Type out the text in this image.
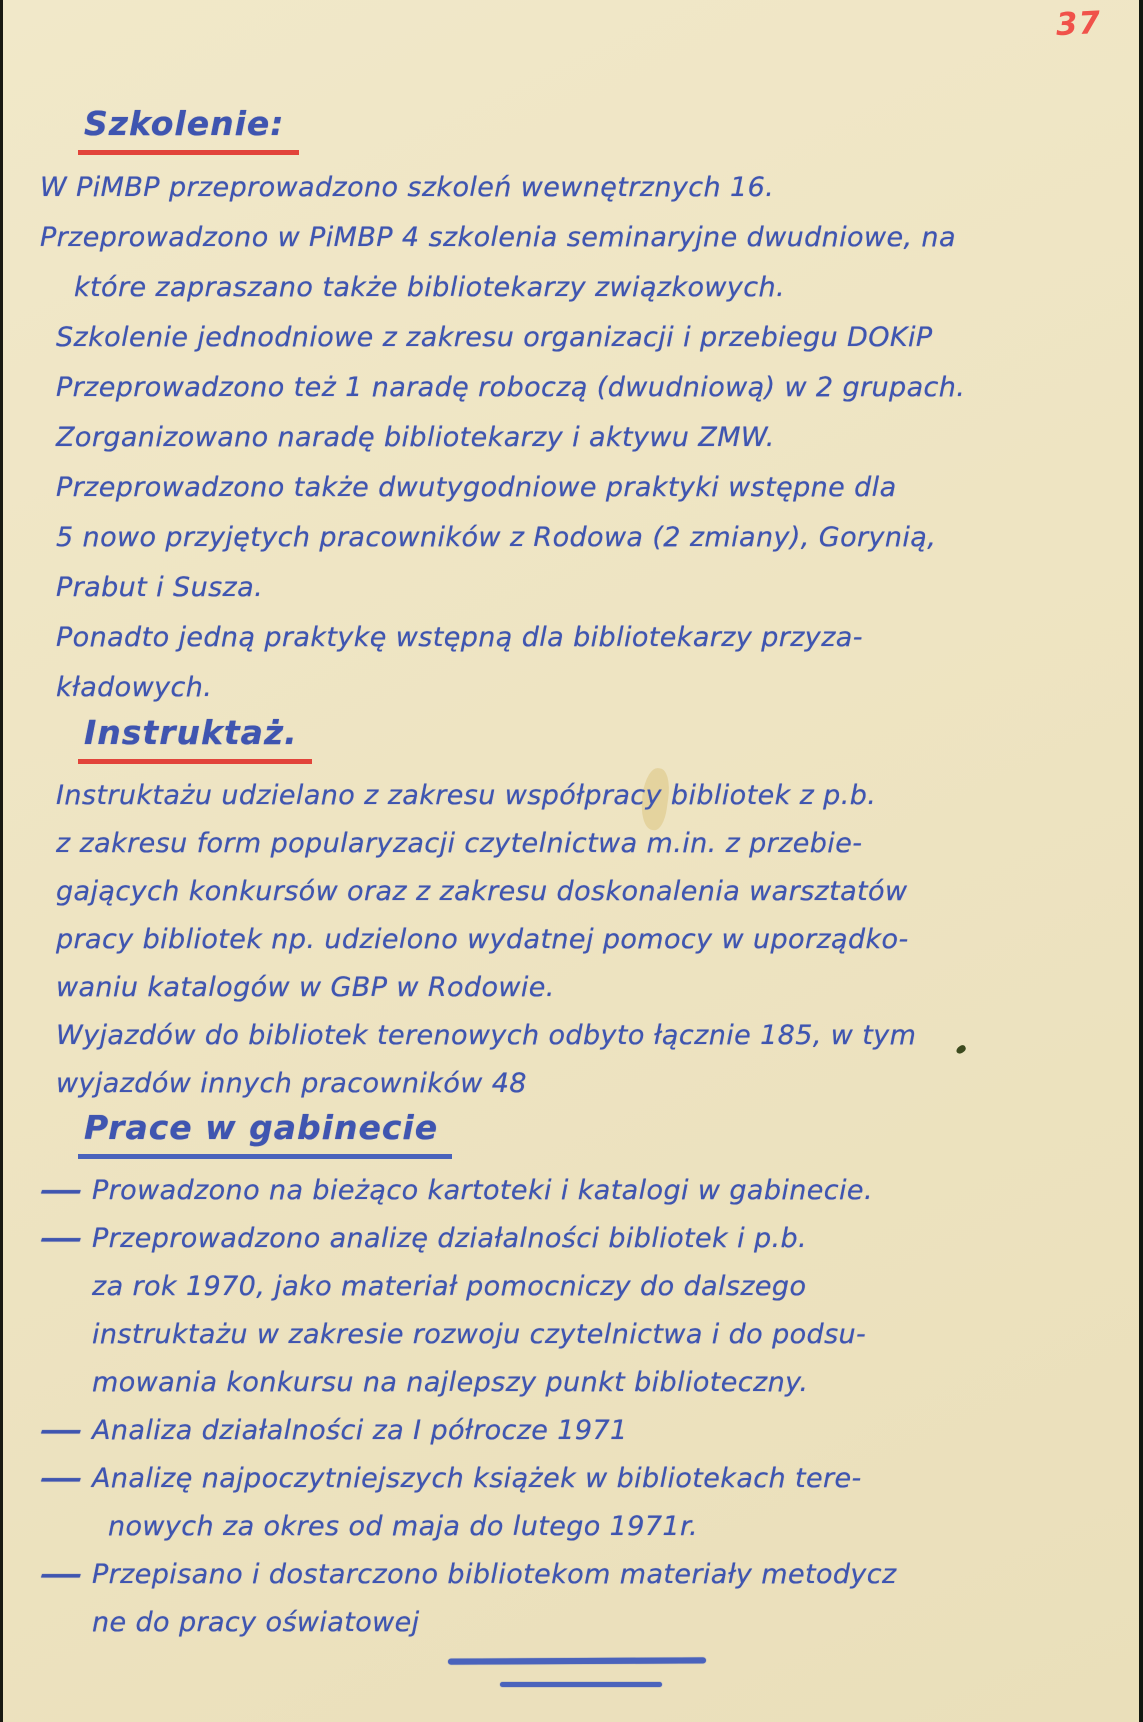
37
Szkolenie:
W PiMBP przeprowadzono szkoleń wewnętrznych 16.
Przeprowadzono w PiMBP 4 szkolenia seminaryjne dwudniowe, na
które zapraszano także bibliotekarzy związkowych.
Szkolenie jednodniowe z zakresu organizacji i przebiegu DOKiP
Przeprowadzono też 1 naradę roboczą (dwudniową) w 2 grupach.
Zorganizowano naradę bibliotekarzy i aktywu ZMW.
Przeprowadzono także dwutygodniowe praktyki wstępne dla
5 nowo przyjętych pracowników z Rodowa (2 zmiany), Gorynią,
Prabut i Susza.
Ponadto jedną praktykę wstępną dla bibliotekarzy przyza-
kładowych.
Instruktaż.
Instruktażu udzielano z zakresu współpracy bibliotek z p.b.
z zakresu form popularyzacji czytelnictwa m.in. z przebie-
gających konkursów oraz z zakresu doskonalenia warsztatów
pracy bibliotek np. udzielono wydatnej pomocy w uporządko-
waniu katalogów w GBP w Rodowie.
Wyjazdów do bibliotek terenowych odbyto łącznie 185, w tym
wyjazdów innych pracowników 48
Prace w gabinecie
— Prowadzono na bieżąco kartoteki i katalogi w gabinecie.
— Przeprowadzono analizę działalności bibliotek i p.b.
za rok 1970, jako materiał pomocniczy do dalszego
instruktażu w zakresie rozwoju czytelnictwa i do podsu-
mowania konkursu na najlepszy punkt biblioteczny.
— Analiza działalności za I półrocze 1971
— Analizę najpoczytniejszych książek w bibliotekach tere-
nowych za okres od maja do lutego 1971r.
— Przepisano i dostarczono bibliotekom materiały metodycz
ne do pracy oświatowej
